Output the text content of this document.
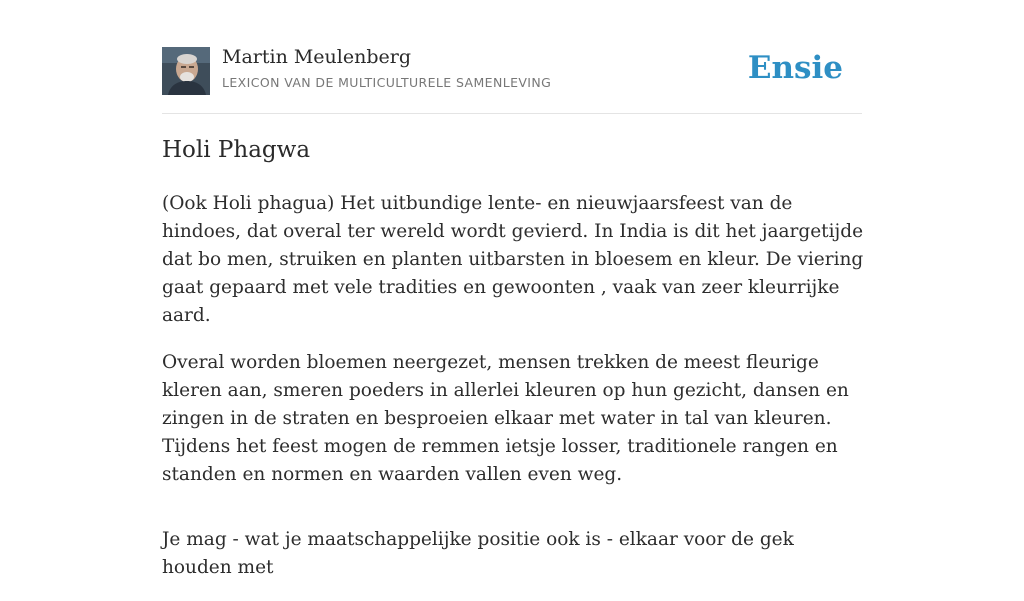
Martin Meulenberg
LEXICON VAN DE MULTICULTURELE SAMENLEVING	Ensie
Holi Phagwa

(Ook Holi phagua) Het uitbundige lente- en nieuwjaarsfeest van de hindoes, dat overal ter wereld wordt gevierd. In India is dit het jaargetijde dat bo men, struiken en planten uitbarsten in bloesem en kleur. De viering gaat gepaard met vele tradities en gewoonten , vaak van zeer kleurrijke aard.

Overal worden bloemen neergezet, mensen trekken de meest fleurige kleren aan, smeren poeders in allerlei kleuren op hun gezicht, dansen en zingen in de straten en besproeien elkaar met water in tal van kleuren. Tijdens het feest mogen de remmen ietsje losser, traditionele rangen en standen en normen en waarden vallen even weg.

Je mag - wat je maatschappelijke positie ook is - elkaar voor de gek houden met
